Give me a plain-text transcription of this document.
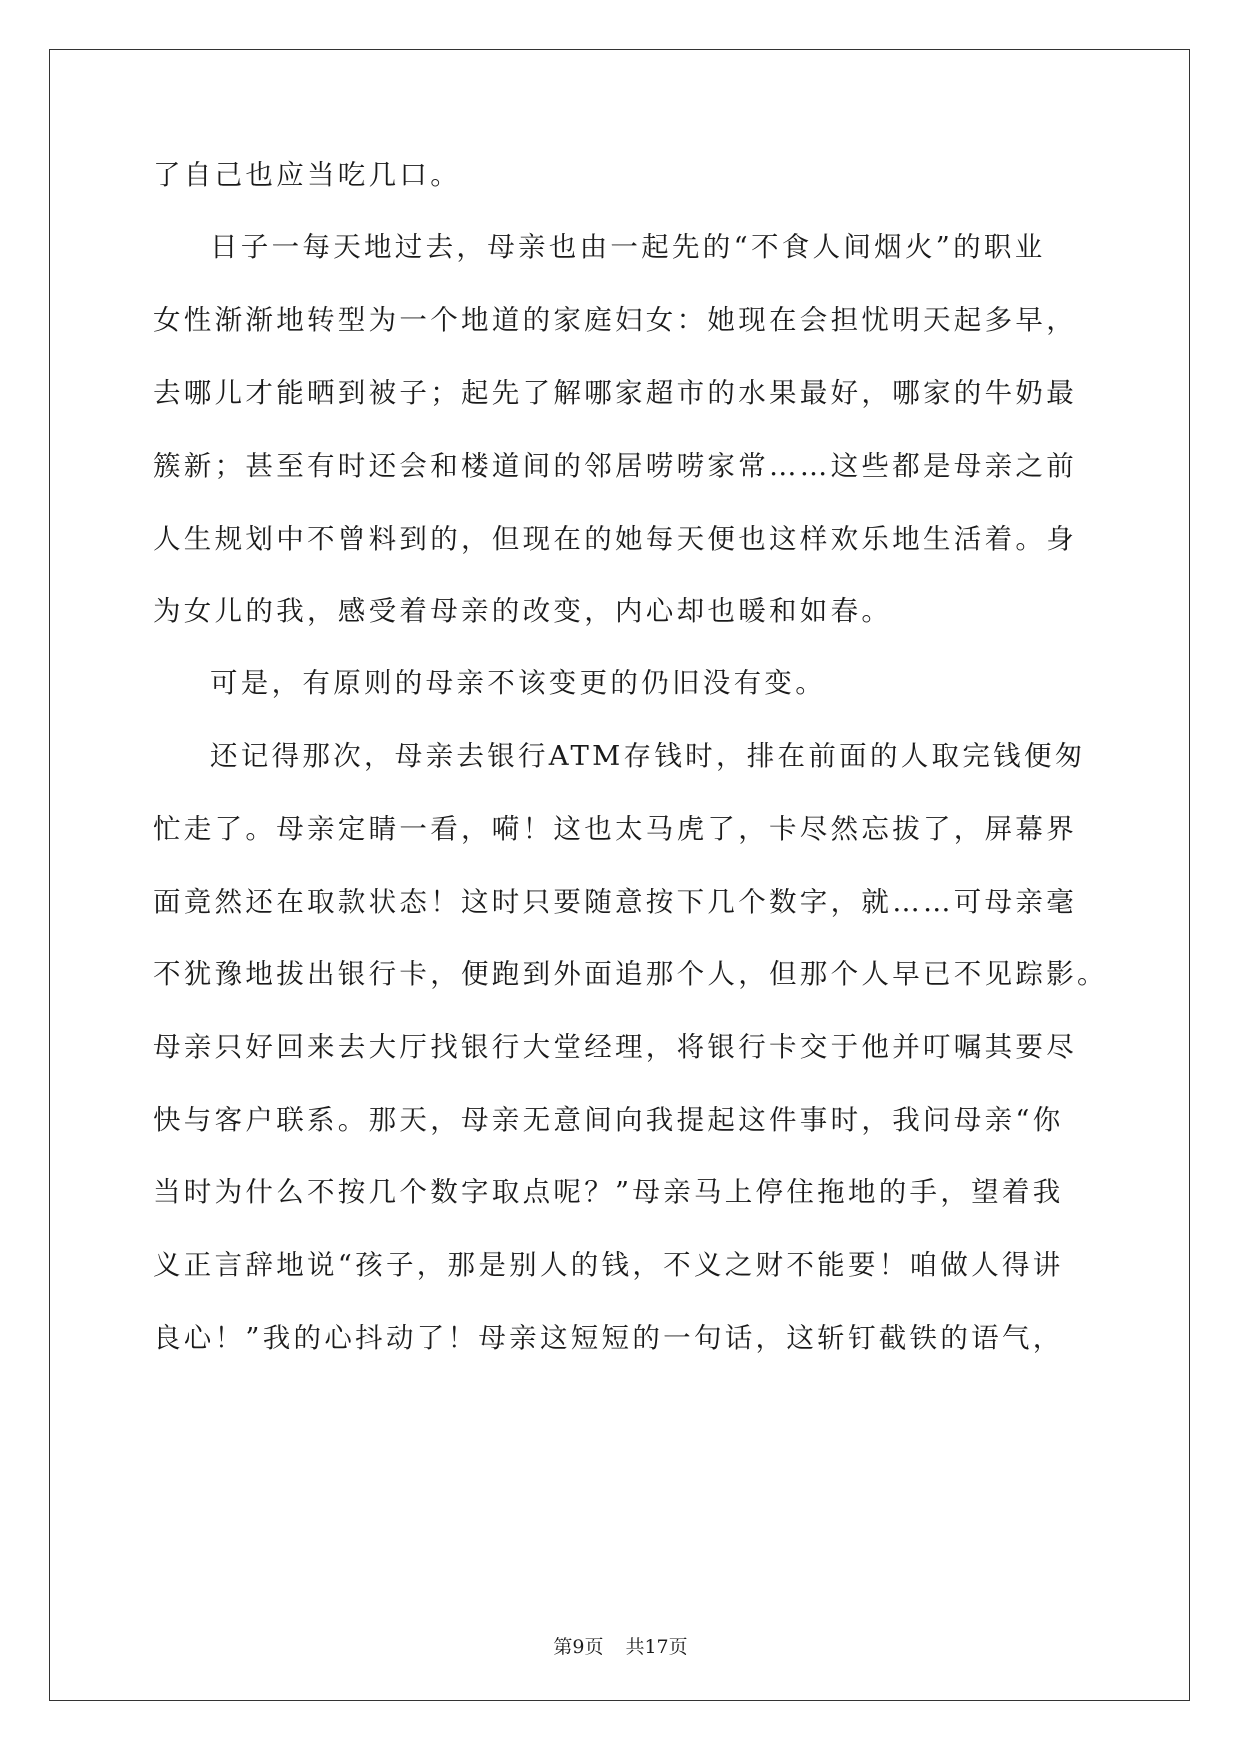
了自己也应当吃几口。
日子一每天地过去，母亲也由一起先的“不食人间烟火”的职业
女性渐渐地转型为一个地道的家庭妇女：她现在会担忧明天起多早，
去哪儿才能晒到被子；起先了解哪家超市的水果最好，哪家的牛奶最
簇新；甚至有时还会和楼道间的邻居唠唠家常……这些都是母亲之前
人生规划中不曾料到的，但现在的她每天便也这样欢乐地生活着。身
为女儿的我，感受着母亲的改变，内心却也暖和如春。
可是，有原则的母亲不该变更的仍旧没有变。
还记得那次，母亲去银行ATM存钱时，排在前面的人取完钱便匆
忙走了。母亲定睛一看，嗬！这也太马虎了，卡尽然忘拔了，屏幕界
面竟然还在取款状态！这时只要随意按下几个数字，就……可母亲毫
不犹豫地拔出银行卡，便跑到外面追那个人，但那个人早已不见踪影。
母亲只好回来去大厅找银行大堂经理，将银行卡交于他并叮嘱其要尽
快与客户联系。那天，母亲无意间向我提起这件事时，我问母亲“你
当时为什么不按几个数字取点呢？”母亲马上停住拖地的手，望着我
义正言辞地说“孩子，那是别人的钱，不义之财不能要！咱做人得讲
良心！”我的心抖动了！母亲这短短的一句话，这斩钉截铁的语气，
第9页 共17页
